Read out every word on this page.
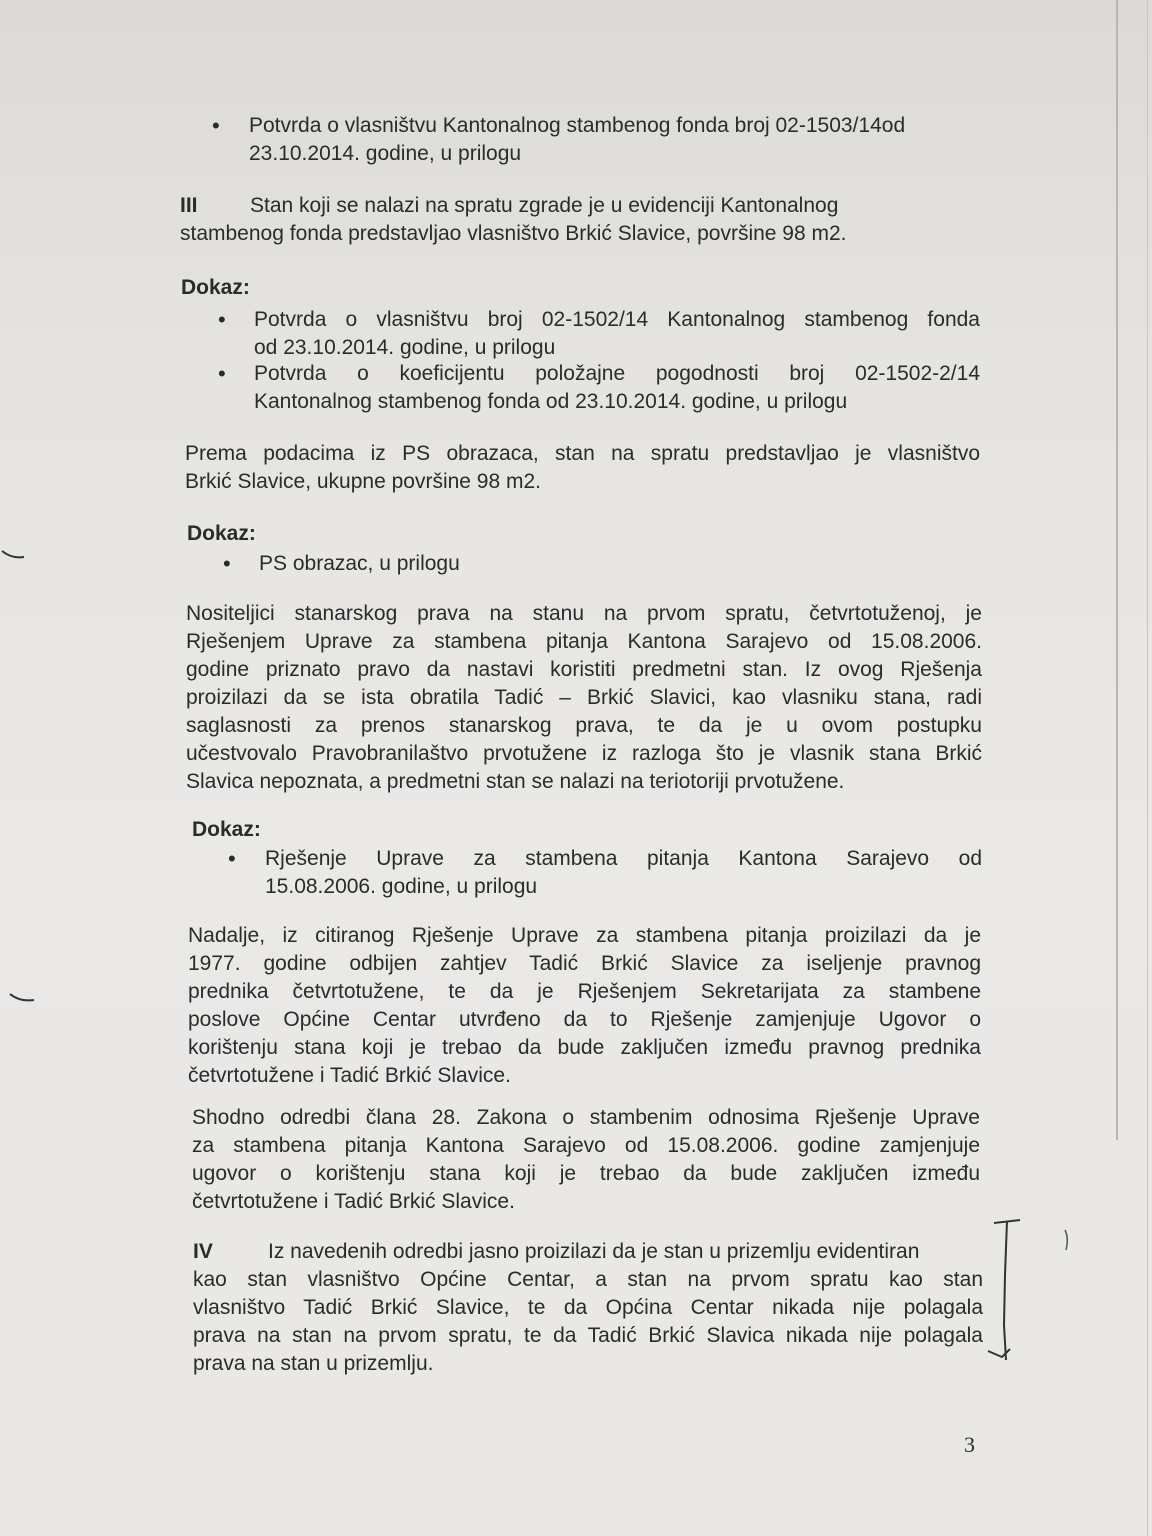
• Potvrda o vlasništvu Kantonalnog stambenog fonda broj 02-1503/14od
23.10.2014. godine, u prilogu
III Stan koji se nalazi na spratu zgrade je u evidenciji Kantonalnog
stambenog fonda predstavljao vlasništvo Brkić Slavice, površine 98 m2.
Dokaz:
• Potvrda o vlasništvu broj 02-1502/14 Kantonalnog stambenog fonda
od 23.10.2014. godine, u prilogu
• Potvrda o koeficijentu položajne pogodnosti broj 02-1502-2/14
Kantonalnog stambenog fonda od 23.10.2014. godine, u prilogu
Prema podacima iz PS obrazaca, stan na spratu predstavljao je vlasništvo
Brkić Slavice, ukupne površine 98 m2.
Dokaz:
• PS obrazac, u prilogu
Nositeljici stanarskog prava na stanu na prvom spratu, četvrtotuženoj, je
Rješenjem Uprave za stambena pitanja Kantona Sarajevo od 15.08.2006.
godine priznato pravo da nastavi koristiti predmetni stan. Iz ovog Rješenja
proizilazi da se ista obratila Tadić – Brkić Slavici, kao vlasniku stana, radi
saglasnosti za prenos stanarskog prava, te da je u ovom postupku
učestvovalo Pravobranilaštvo prvotužene iz razloga što je vlasnik stana Brkić
Slavica nepoznata, a predmetni stan se nalazi na teriotoriji prvotužene.
Dokaz:
• Rješenje Uprave za stambena pitanja Kantona Sarajevo od
15.08.2006. godine, u prilogu
Nadalje, iz citiranog Rješenje Uprave za stambena pitanja proizilazi da je
1977. godine odbijen zahtjev Tadić Brkić Slavice za iseljenje pravnog
prednika četvrtotužene, te da je Rješenjem Sekretarijata za stambene
poslove Općine Centar utvrđeno da to Rješenje zamjenjuje Ugovor o
korištenju stana koji je trebao da bude zaključen između pravnog prednika
četvrtotužene i Tadić Brkić Slavice.
Shodno odredbi člana 28. Zakona o stambenim odnosima Rješenje Uprave
za stambena pitanja Kantona Sarajevo od 15.08.2006. godine zamjenjuje
ugovor o korištenju stana koji je trebao da bude zaključen između
četvrtotužene i Tadić Brkić Slavice.
IV	Iz navedenih odredbi jasno proizilazi da je stan u prizemlju evidentiran
kao stan vlasništvo Općine Centar, a stan na prvom spratu kao stan
vlasništvo Tadić Brkić Slavice, te da Općina Centar nikada nije polagala
prava na stan na prvom spratu, te da Tadić Brkić Slavica nikada nije polagala
prava na stan u prizemlju.
3
